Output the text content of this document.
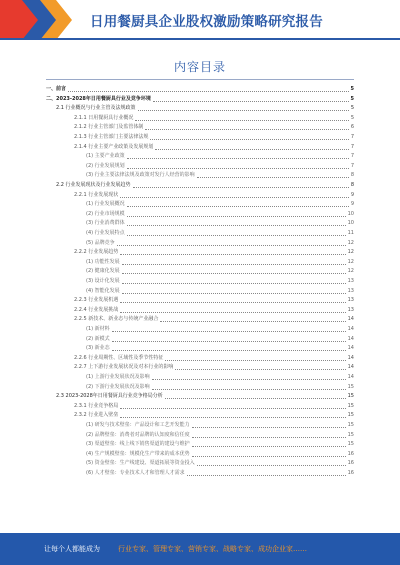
日用餐厨具企业股权激励策略研究报告
内容目录
一、前言	5
二、2023-2028年日用餐厨具行业及竞争环境	5
2.1 行业概况与行业主管及法规政策	5
2.1.1 日用餐厨具行业概况	5
2.1.2 行业主管部门及监管体制	6
2.1.3 行业主管部门主要法律法规	7
2.1.4 行业主要产业政策及发展规划	7
(1) 主要产业政策	7
(2) 行业发展规划	7
(3) 行业主要法律法规及政策对发行人经营的影响	8
2.2 行业发展现状及行业发展趋势	8
2.2.1 行业发展现状	9
(1) 行业发展概况	9
(2) 行业市场规模	10
(3) 行业消费群体	10
(4) 行业发展特点	11
(5) 品牌竞争	12
2.2.2 行业发展趋势	12
(1) 功能性发展	12
(2) 健康化发展	12
(3) 设计化发展	13
(4) 智能化发展	13
2.2.3 行业发展机遇	13
2.2.4 行业发展挑战	13
2.2.5 新技术、新业态与传统产业融合	14
(1) 新材料	14
(2) 新模式	14
(3) 新业态	14
2.2.6 行业周期性、区域性及季节性特征	14
2.2.7 上下游行业发展状况及对本行业的影响	14
(1) 上游行业发展状况及影响	14
(2) 下游行业发展状况及影响	15
2.3 2023-2028年日用餐厨具行业竞争格局分析	15
2.3.1 行业竞争格局	15
2.3.2 行业进入壁垒	15
(1) 研发与技术壁垒：产品设计和工艺开发能力	15
(2) 品牌壁垒：消费者对品牌的认知度和信任度	15
(3) 渠道壁垒：线上线下销售渠道的建设与维护	15
(4) 生产规模壁垒：规模化生产带来的成本优势	16
(5) 资金壁垒：生产线建设、渠道拓展等资金投入	16
(6) 人才壁垒：专业技术人才和管理人才需求	16
让每个人都能成为	行业专家、管理专家、营销专家、战略专家、成功企业家……
